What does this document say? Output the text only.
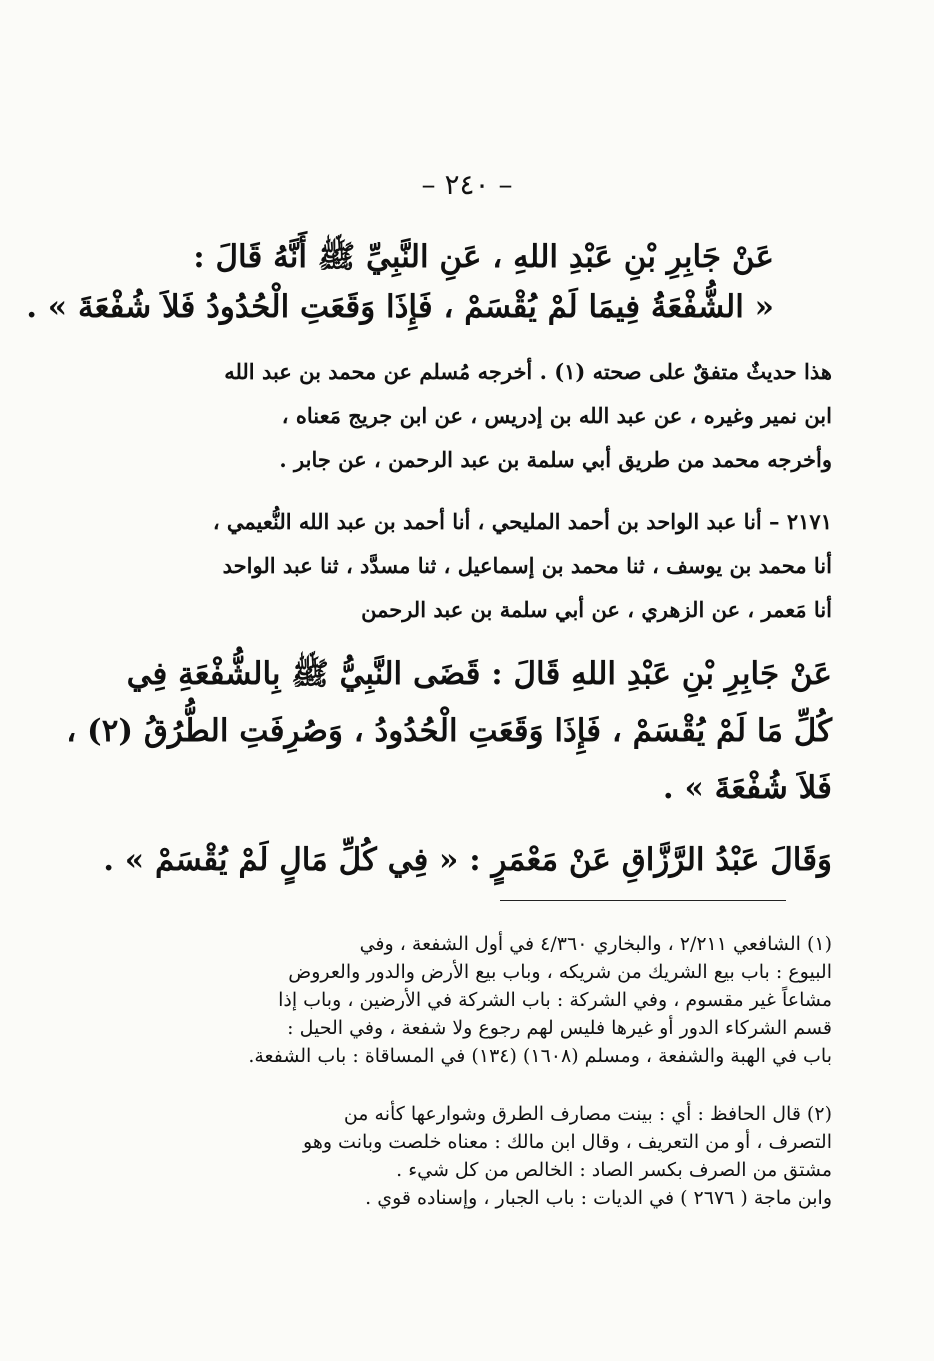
– ٢٤٠ –
عَنْ جَابِرِ بْنِ عَبْدِ اللهِ ، عَنِ النَّبِيِّ ﷺ أَنَّهُ قَالَ :
« الشُّفْعَةُ فِيمَا لَمْ يُقْسَمْ ، فَإِذَا وَقَعَتِ الْحُدُودُ فَلاَ شُفْعَةَ » .
هذا حديثٌ متفقٌ على صحته (١) . أخرجه مُسلم عن محمد بن عبد الله
ابن نمير وغيره ، عن عبد الله بن إدريس ، عن ابن جريج مَعناه ،
وأخرجه محمد من طريق أبي سلمة بن عبد الرحمن ، عن جابر .
٢١٧١ – أنا عبد الواحد بن أحمد المليحي ، أنا أحمد بن عبد الله النُّعيمي ،
أنا محمد بن يوسف ، ثنا محمد بن إسماعيل ، ثنا مسدَّد ، ثنا عبد الواحد
أنا مَعمر ، عن الزهري ، عن أبي سلمة بن عبد الرحمن
عَنْ جَابِرِ بْنِ عَبْدِ اللهِ قَالَ : قَضَى النَّبِيُّ ﷺ بِالشُّفْعَةِ فِي
كُلِّ مَا لَمْ يُقْسَمْ ، فَإِذَا وَقَعَتِ الْحُدُودُ ، وَصُرِفَتِ الطُّرُقُ (٢) ،
فَلاَ شُفْعَةَ » .
وَقَالَ عَبْدُ الرَّزَّاقِ عَنْ مَعْمَرٍ : « فِي كُلِّ مَالٍ لَمْ يُقْسَمْ » .
(١) الشافعي ٢/٢١١ ، والبخاري ٤/٣٦٠ في أول الشفعة ، وفي
البيوع : باب بيع الشريك من شريكه ، وباب بيع الأرض والدور والعروض
مشاعاً غير مقسوم ، وفي الشركة : باب الشركة في الأرضين ، وباب إذا
قسم الشركاء الدور أو غيرها فليس لهم رجوع ولا شفعة ، وفي الحيل :
باب في الهبة والشفعة ، ومسلم (١٦٠٨) (١٣٤) في المساقاة : باب الشفعة.
(٢) قال الحافظ : أي : بينت مصارف الطرق وشوارعها كأنه من
التصرف ، أو من التعريف ، وقال ابن مالك : معناه خلصت وبانت وهو
مشتق من الصرف بكسر الصاد : الخالص من كل شيء .
وابن ماجة ( ٢٦٧٦ ) في الديات : باب الجبار ، وإسناده قوي .
